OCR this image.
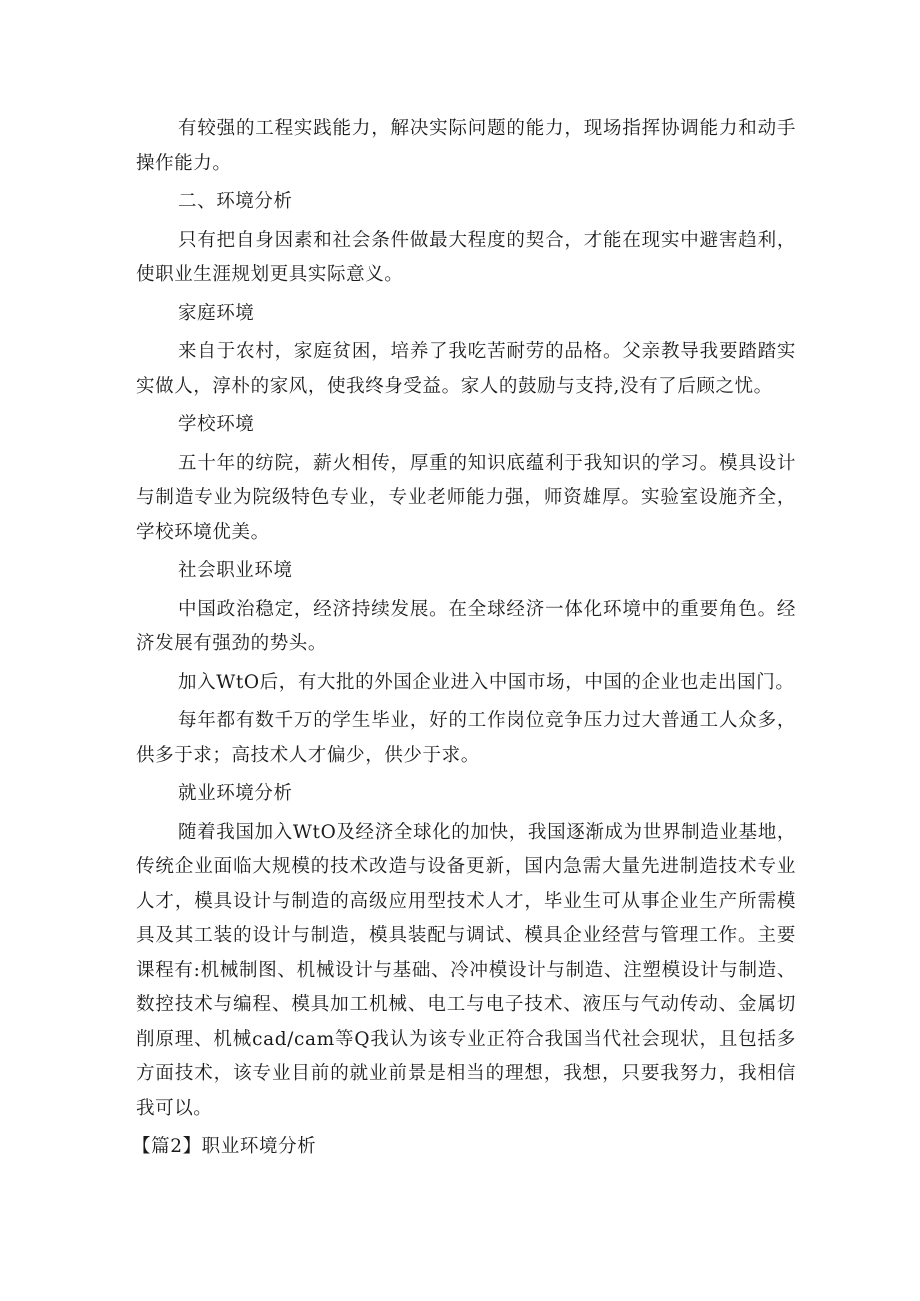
有较强的工程实践能力，解决实际问题的能力，现场指挥协调能力和动手操作能力。

二、环境分析

只有把自身因素和社会条件做最大程度的契合，才能在现实中避害趋利，使职业生涯规划更具实际意义。

家庭环境

来自于农村，家庭贫困，培养了我吃苦耐劳的品格。父亲教导我要踏踏实实做人，淳朴的家风，使我终身受益。家人的鼓励与支持,没有了后顾之忧。

学校环境

五十年的纺院，薪火相传，厚重的知识底蕴利于我知识的学习。模具设计与制造专业为院级特色专业，专业老师能力强，师资雄厚。实验室设施齐全，学校环境优美。

社会职业环境

中国政治稳定，经济持续发展。在全球经济一体化环境中的重要角色。经济发展有强劲的势头。

加入WtO后，有大批的外国企业进入中国市场，中国的企业也走出国门。

每年都有数千万的学生毕业，好的工作岗位竞争压力过大普通工人众多，供多于求；高技术人才偏少，供少于求。

就业环境分析

随着我国加入WtO及经济全球化的加快，我国逐渐成为世界制造业基地，传统企业面临大规模的技术改造与设备更新，国内急需大量先进制造技术专业人才，模具设计与制造的高级应用型技术人才，毕业生可从事企业生产所需模具及其工装的设计与制造，模具装配与调试、模具企业经营与管理工作。主要课程有:机械制图、机械设计与基础、冷冲模设计与制造、注塑模设计与制造、数控技术与编程、模具加工机械、电工与电子技术、液压与气动传动、金属切削原理、机械cad/cam等Q我认为该专业正符合我国当代社会现状，且包括多方面技术，该专业目前的就业前景是相当的理想，我想，只要我努力，我相信我可以。

【篇2】职业环境分析
